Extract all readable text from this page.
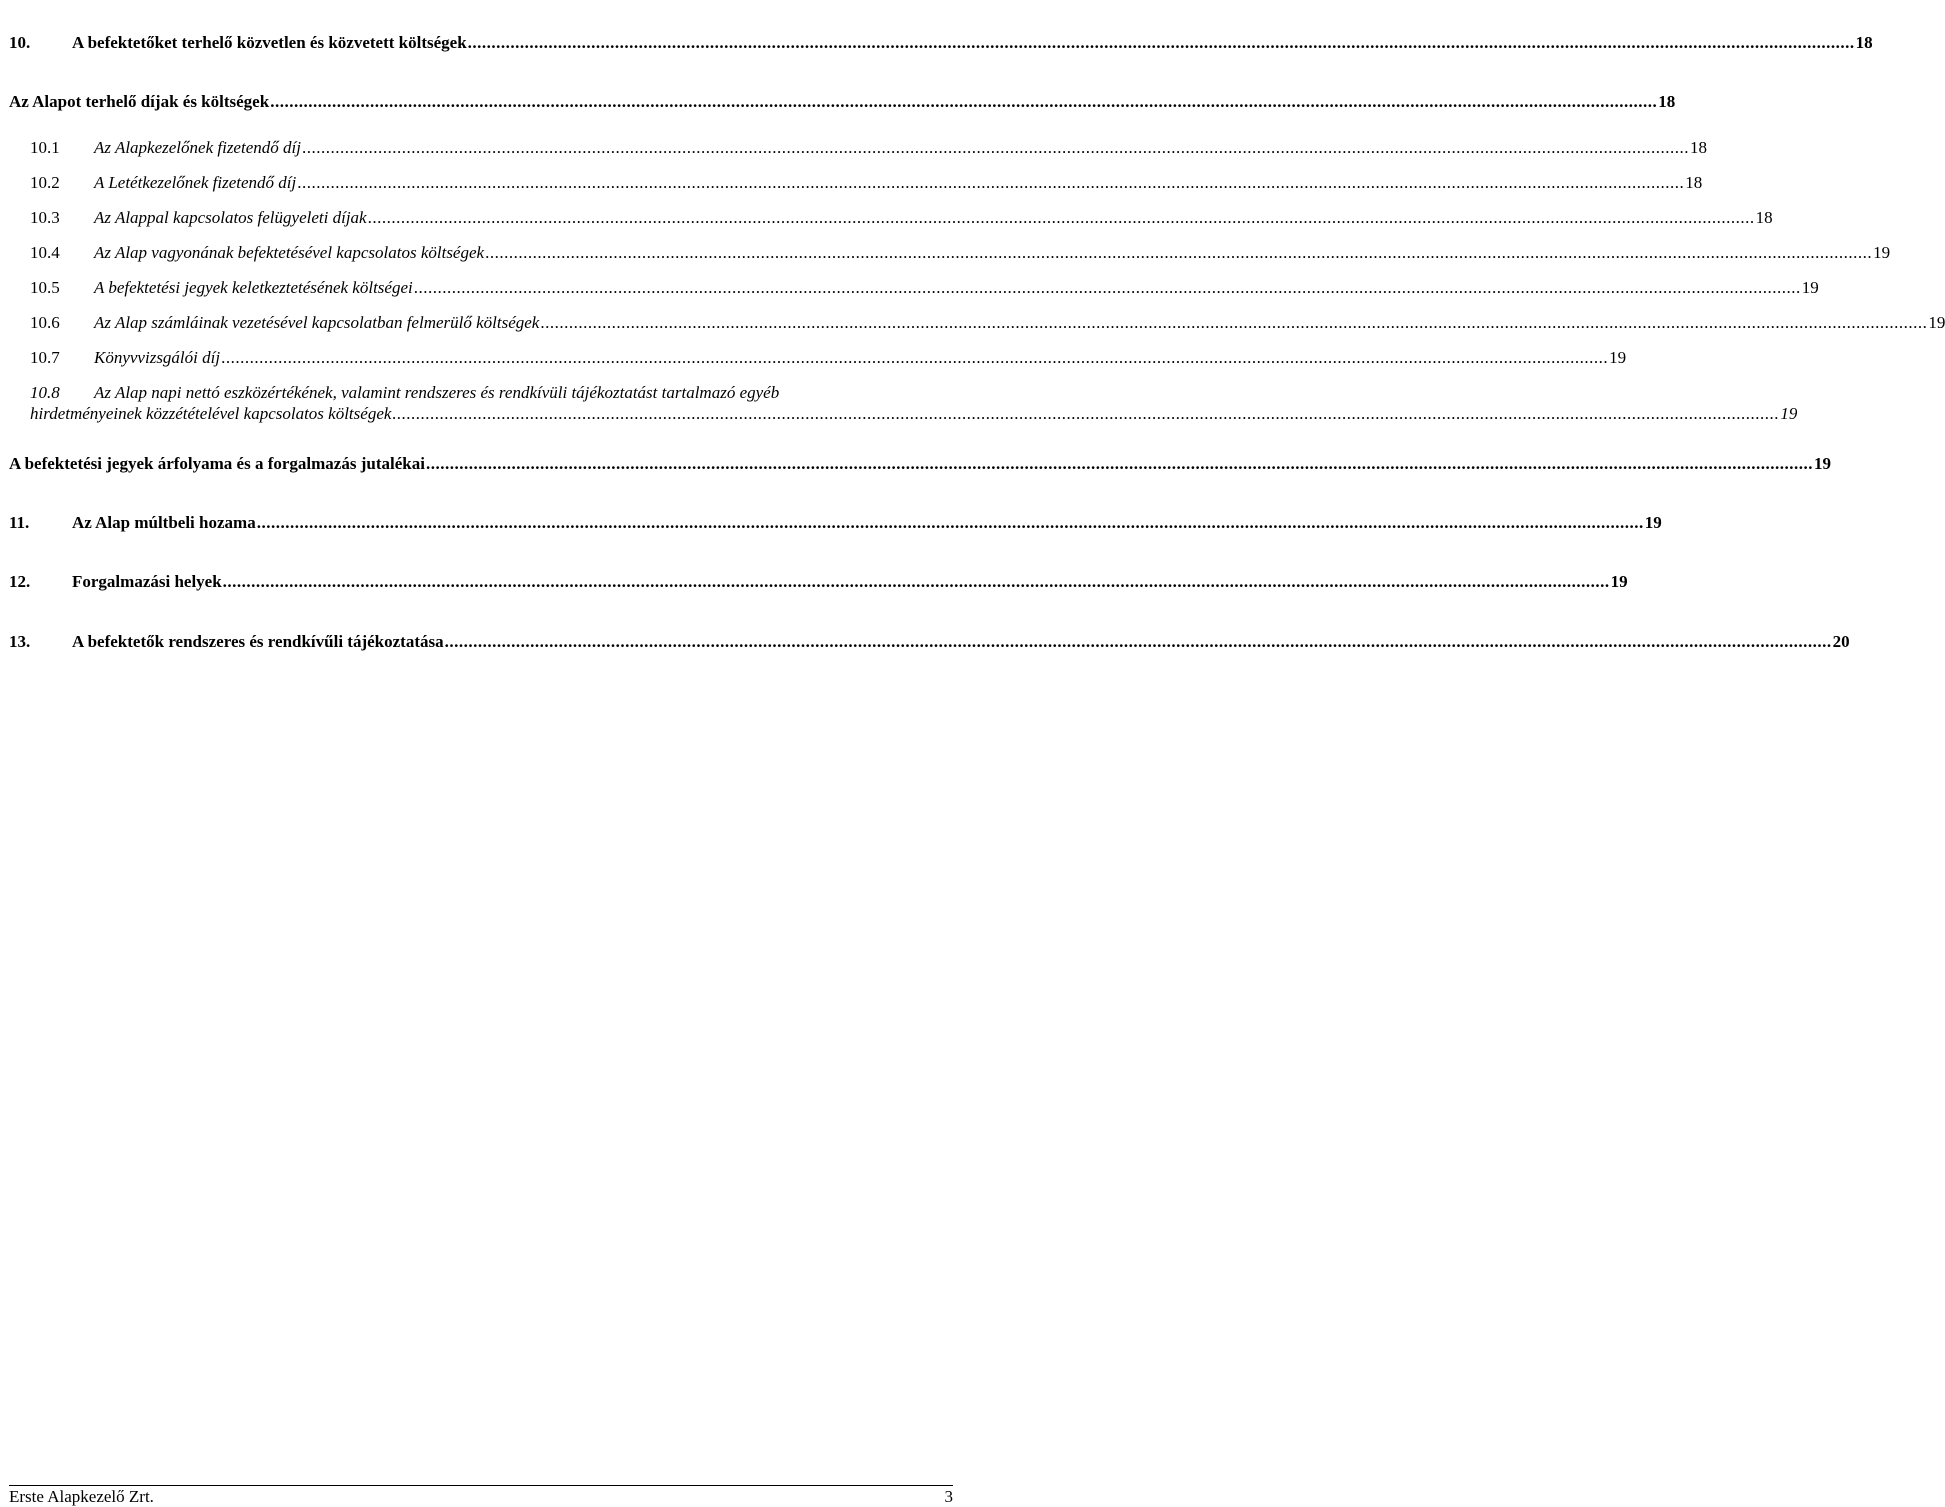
10.	A befektetőket terhelő közvetlen és közvetett költségek .....	18
Az Alapot terhelő díjak és költségek .....	18
10.1	Az Alapkezelőnek fizetendő díj .....	18
10.2	A Letétkezelőnek fizetendő díj .....	18
10.3	Az Alappal kapcsolatos felügyeleti díjak .....	18
10.4	Az Alap vagyonának befektetésével kapcsolatos költségek .....	19
10.5	A befektetési jegyek keletkeztetésének költségei .....	19
10.6	Az Alap számláinak vezetésével kapcsolatban felmerülő költségek .....	19
10.7	Könyvvizsgálói díj .....	19
10.8 Az Alap napi nettó eszközértékének, valamint rendszeres és rendkívüli tájékoztatást tartalmazó egyéb
hirdetményeinek közzétételével kapcsolatos költségek .....	19
A befektetési jegyek árfolyama és a forgalmazás jutalékai .....	19
11.	Az Alap múltbeli hozama .....	19
12.	Forgalmazási helyek .....	19
13.	A befektetők rendszeres és rendkívűli tájékoztatása .....	20
Erste Alapkezelő Zrt.	3
